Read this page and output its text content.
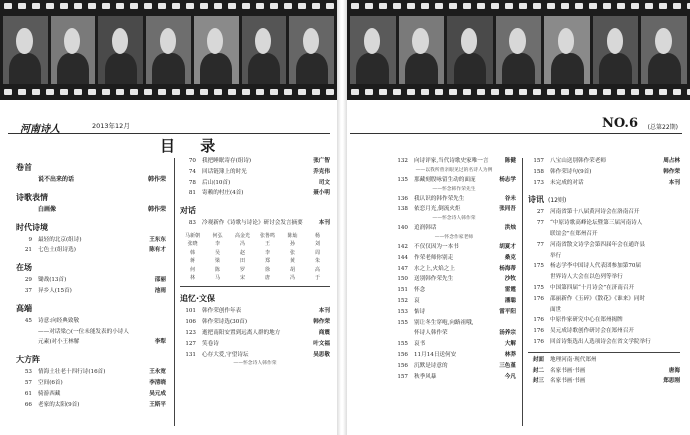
河南诗人	2013年12月
目 录
NO.6 (总第22期)
卷首
说不出来的话	韩作荣
诗歌表情
白画像	韩作荣
时代诗境
9 最轻的北京(组诗)	王东东
21 七色土(组诗选)	陈有才
在场
29 锄战(13首)	邵丽
37 异乡人(15首)	池雨
高端
45 诗意:向经典致敬
——对话梁○(一位未能发表的小诗人
元素)对小王林解	李犁
大方阵
53 情海土壮老十四行诗(16首)	王永宽
57 空间(6首)	李清晓
61 骑游西藏	吴元成
66 老家的太阳(9首)	王斯平
70 我把睡眠寄存(组诗)	张广智
74 回话链簿上的时光	乔克伟
78 后山(10首)	司文
81 寄赖的村庄(4首)	聂小明
对话
83 冷观新作《诗歌与诗论》研讨会发言摘要	本刊
马新朝	何弘	高金光	张鲁鸣	陈灿	杨
张晓	李	冯	王	孙	刘
韩	吴	赵	李	张	周
蒋	梁	田	郑	黄	朱
何	陈	罗	徐	胡	高
林	马	宋	唐	冯	于
追忆·文保
101 韩作荣创作年表	本刊
106 韩作荣诗选(30首)	韩作荣
123 逝把南阳安置到远离人群的地方	商震
127 笑卷诗	叶文福
131 心存大爱,守望诗坛	吴思敬
——怀念诗人韩作荣
132 向诗评家,当代诗歌史家唯一言	陈健
——以我所曾亲眼见过的名诗人为例
135 那藏刻殷咏留生动的面庞	杨志学
——怀念韩作荣先生
136 我认识的韩作荣先生	谷未
138 依恋月光,倒流火炬	张同吾
——怀念诗人韩作荣
140 追润韩话	洪烛
——怀念作家老师
142 不仅仅因为一本书	胡夏才
144 作荣老师你别走	桑克
147 水之上,火焰之上	杨海蒂
150 送别韩作荣先生	沙牧
151 怀念	雷霆
152 哀	潘聪
153 惦诗	雷平阳
155 别让冬生穿咆,向路祖哦,
怀诗人韩作荣	汤养宗
155 哀书	大解
156 11月14日送何安	林莽
156 沉默是诗意的	三色堇
157 秋季风暴	今凡
157 八宝山送别韩作荣老师	周占林
158 韩作荣诗句(9首)	韩作荣
173 未完成的对话	本刊
诗讯 (12则)
27 河南省第十八届黄河诗会在洛南召开
77 “中原诗歌高峰论坛暨第三届河南诗人
联谊会”在郑州召开
77 河南省散文诗学会第四届年会在通许县
举行
175 杨志学李中国诗人代表团参加第70届
世界诗人大会在以色列等举行
175 中国第四届“十月诗会”在济南召开
176 邵丽新作《玉碎》《散花》《谁来》同时
面世
176 中原作家研究中心在郑州揭牌
176 吴元成诗歌创作研讨会在郑州召开
176 回首诗集选出人选项诗会在省文学院举行
封面 地理河南·现代郑州
封二 名家书画·书画	唐海
封三 名家书画·书画	郑思刚
